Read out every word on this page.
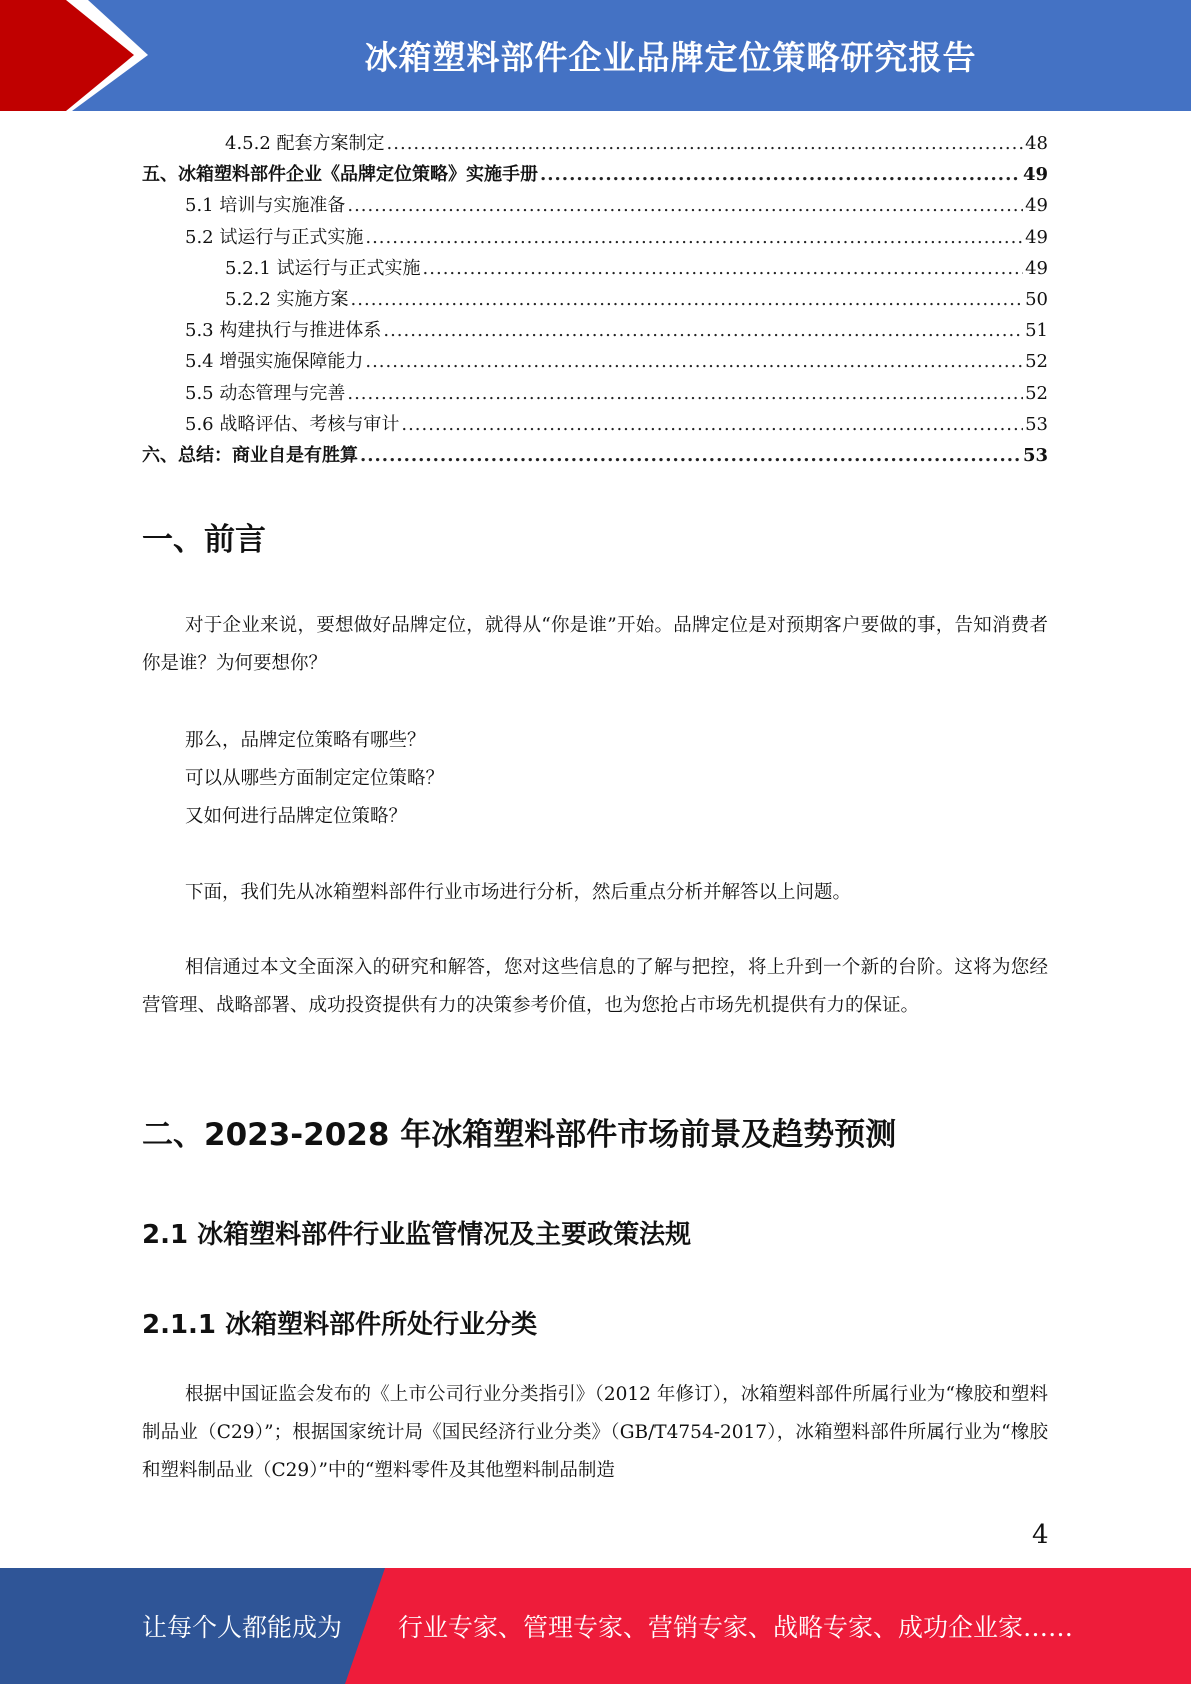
冰箱塑料部件企业品牌定位策略研究报告
4.5.2 配套方案制定 .....	48
五、冰箱塑料部件企业《品牌定位策略》实施手册 .....	49
5.1 培训与实施准备 .....	49
5.2 试运行与正式实施 .....	49
5.2.1 试运行与正式实施 .....	49
5.2.2 实施方案 .....	50
5.3 构建执行与推进体系 .....	51
5.4 增强实施保障能力 .....	52
5.5 动态管理与完善 .....	52
5.6 战略评估、考核与审计 .....	53
六、总结：商业自是有胜算 .....	53
一、前言
对于企业来说，要想做好品牌定位，就得从“你是谁”开始。品牌定位是对预期客户要做的事，告知消费者你是谁？为何要想你？
那么，品牌定位策略有哪些？
可以从哪些方面制定定位策略？
又如何进行品牌定位策略？
下面，我们先从冰箱塑料部件行业市场进行分析，然后重点分析并解答以上问题。
相信通过本文全面深入的研究和解答，您对这些信息的了解与把控，将上升到一个新的台阶。这将为您经营管理、战略部署、成功投资提供有力的决策参考价值，也为您抢占市场先机提供有力的保证。
二、2023-2028 年冰箱塑料部件市场前景及趋势预测
2.1 冰箱塑料部件行业监管情况及主要政策法规
2.1.1 冰箱塑料部件所处行业分类
根据中国证监会发布的《上市公司行业分类指引》（2012 年修订），冰箱塑料部件所属行业为“橡胶和塑料制品业（C29）”；根据国家统计局《国民经济行业分类》（GB/T4754-2017），冰箱塑料部件所属行业为“橡胶和塑料制品业（C29）”中的“塑料零件及其他塑料制品制造
4
让每个人都能成为 行业专家、管理专家、营销专家、战略专家、成功企业家……
